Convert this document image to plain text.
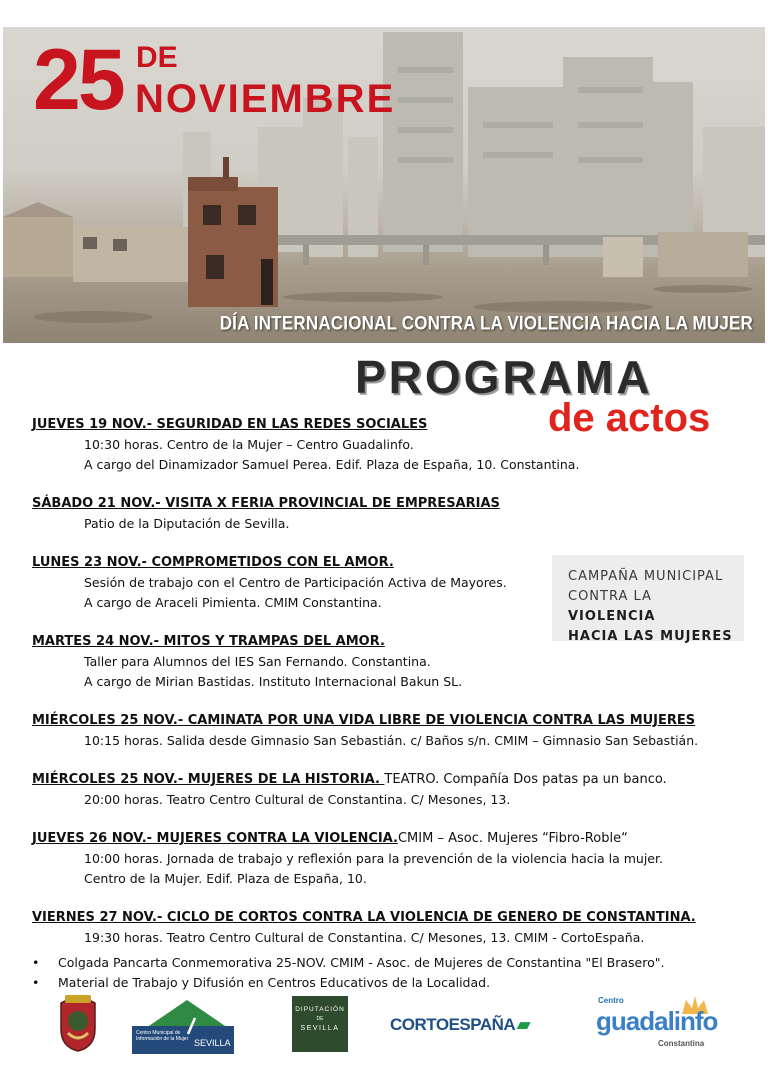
25 DE
NOVIEMBRE
DÍA INTERNACIONAL CONTRA LA VIOLENCIA HACIA LA MUJER
PROGRAMA
de actos
CAMPAÑA MUNICIPAL
CONTRA LA VIOLENCIA
HACIA LAS MUJERES
JUEVES 19 NOV.- SEGURIDAD EN LAS REDES SOCIALES
10:30 horas. Centro de la Mujer – Centro Guadalinfo.
A cargo del Dinamizador Samuel Perea. Edif. Plaza de España, 10. Constantina.
SÁBADO 21 NOV.- VISITA X FERIA PROVINCIAL DE EMPRESARIAS
Patio de la Diputación de Sevilla.
LUNES 23 NOV.- COMPROMETIDOS CON EL AMOR.
Sesión de trabajo con el Centro de Participación Activa de Mayores.
A cargo de Araceli Pimienta. CMIM Constantina.
MARTES 24 NOV.- MITOS Y TRAMPAS DEL AMOR.
Taller para Alumnos del IES San Fernando. Constantina.
A cargo de Mirian Bastidas. Instituto Internacional Bakun SL.
MIÉRCOLES 25 NOV.- CAMINATA POR UNA VIDA LIBRE DE VIOLENCIA CONTRA LAS MUJERES
10:15 horas. Salida desde Gimnasio San Sebastián. c/ Baños s/n. CMIM – Gimnasio San Sebastián.
MIÉRCOLES 25 NOV.- MUJERES DE LA HISTORIA. TEATRO. Compañía Dos patas pa un banco.
20:00 horas. Teatro Centro Cultural de Constantina. C/ Mesones, 13.
JUEVES 26 NOV.- MUJERES CONTRA LA VIOLENCIA.CMIM – Asoc. Mujeres “Fibro-Roble“
10:00 horas. Jornada de trabajo y reflexión para la prevención de la violencia hacia la mujer.
Centro de la Mujer. Edif. Plaza de España, 10.
VIERNES 27 NOV.- CICLO DE CORTOS CONTRA LA VIOLENCIA DE GENERO DE CONSTANTINA.
19:30 horas. Teatro Centro Cultural de Constantina. C/ Mesones, 13. CMIM - CortoEspaña.
• Colgada Pancarta Conmemorativa 25-NOV. CMIM - Asoc. de Mujeres de Constantina "El Brasero".
• Material de Trabajo y Difusión en Centros Educativos de la Localidad.
Centro Municipal de Información de la Mujer SEVILLA
DIPUTACIÓN
DE
SEVILLA	CORTOESPAÑA ▰
Centro
guadalinfo
Constantina
